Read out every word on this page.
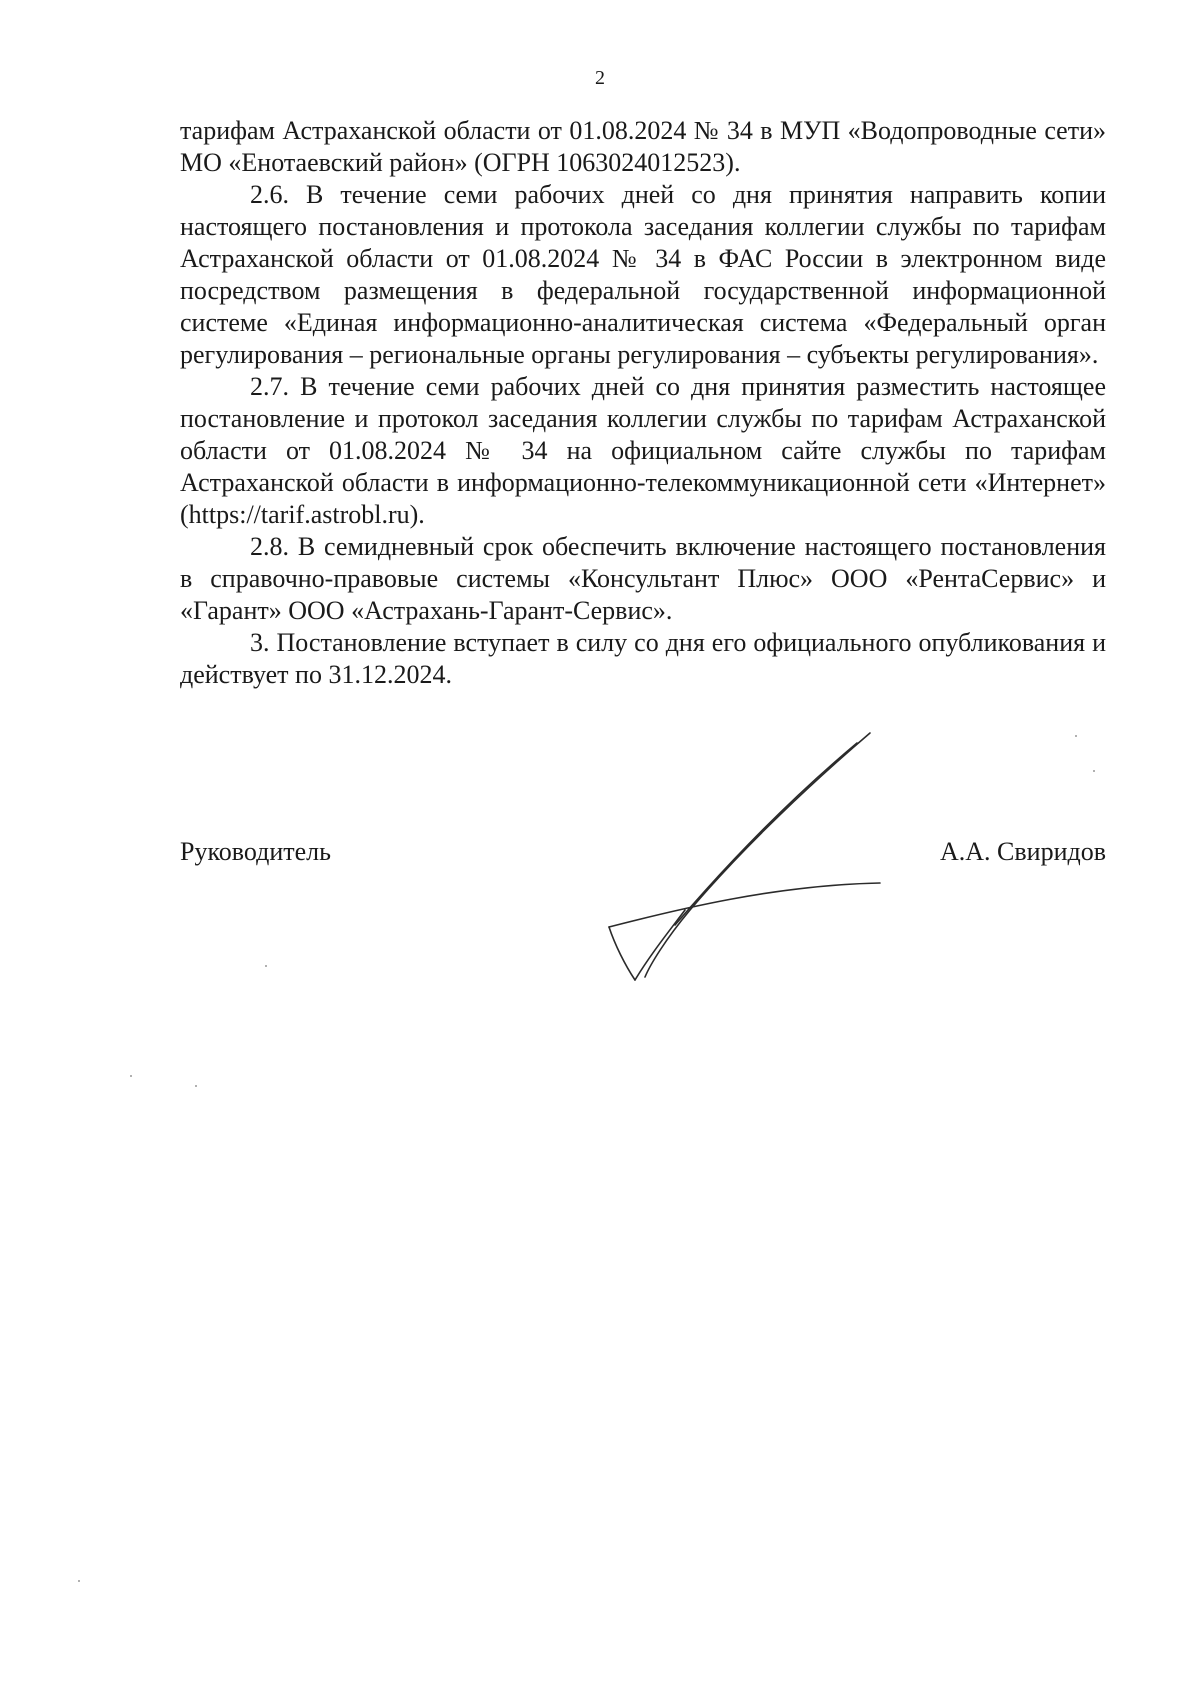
2

тарифам Астраханской области от 01.08.2024 № 34 в МУП «Водопроводные сети» МО «Енотаевский район» (ОГРН 1063024012523).

2.6. В течение семи рабочих дней со дня принятия направить копии настоящего постановления и протокола заседания коллегии службы по тарифам Астраханской области от 01.08.2024 № 34 в ФАС России в электронном виде посредством размещения в федеральной государственной информационной системе «Единая информационно-аналитическая система «Федеральный орган регулирования – региональные органы регулирования – субъекты регулирования».

2.7. В течение семи рабочих дней со дня принятия разместить настоящее постановление и протокол заседания коллегии службы по тарифам Астраханской области от 01.08.2024 № 34 на официальном сайте службы по тарифам Астраханской области в информационно-телекоммуникационной сети «Интернет» (https://tarif.astrobl.ru).

2.8. В семидневный срок обеспечить включение настоящего постановления в справочно-правовые системы «Консультант Плюс» ООО «РентаСервис» и «Гарант» ООО «Астрахань-Гарант-Сервис».

3. Постановление вступает в силу со дня его официального опубликования и действует по 31.12.2024.

Руководитель	А.А. Свиридов
